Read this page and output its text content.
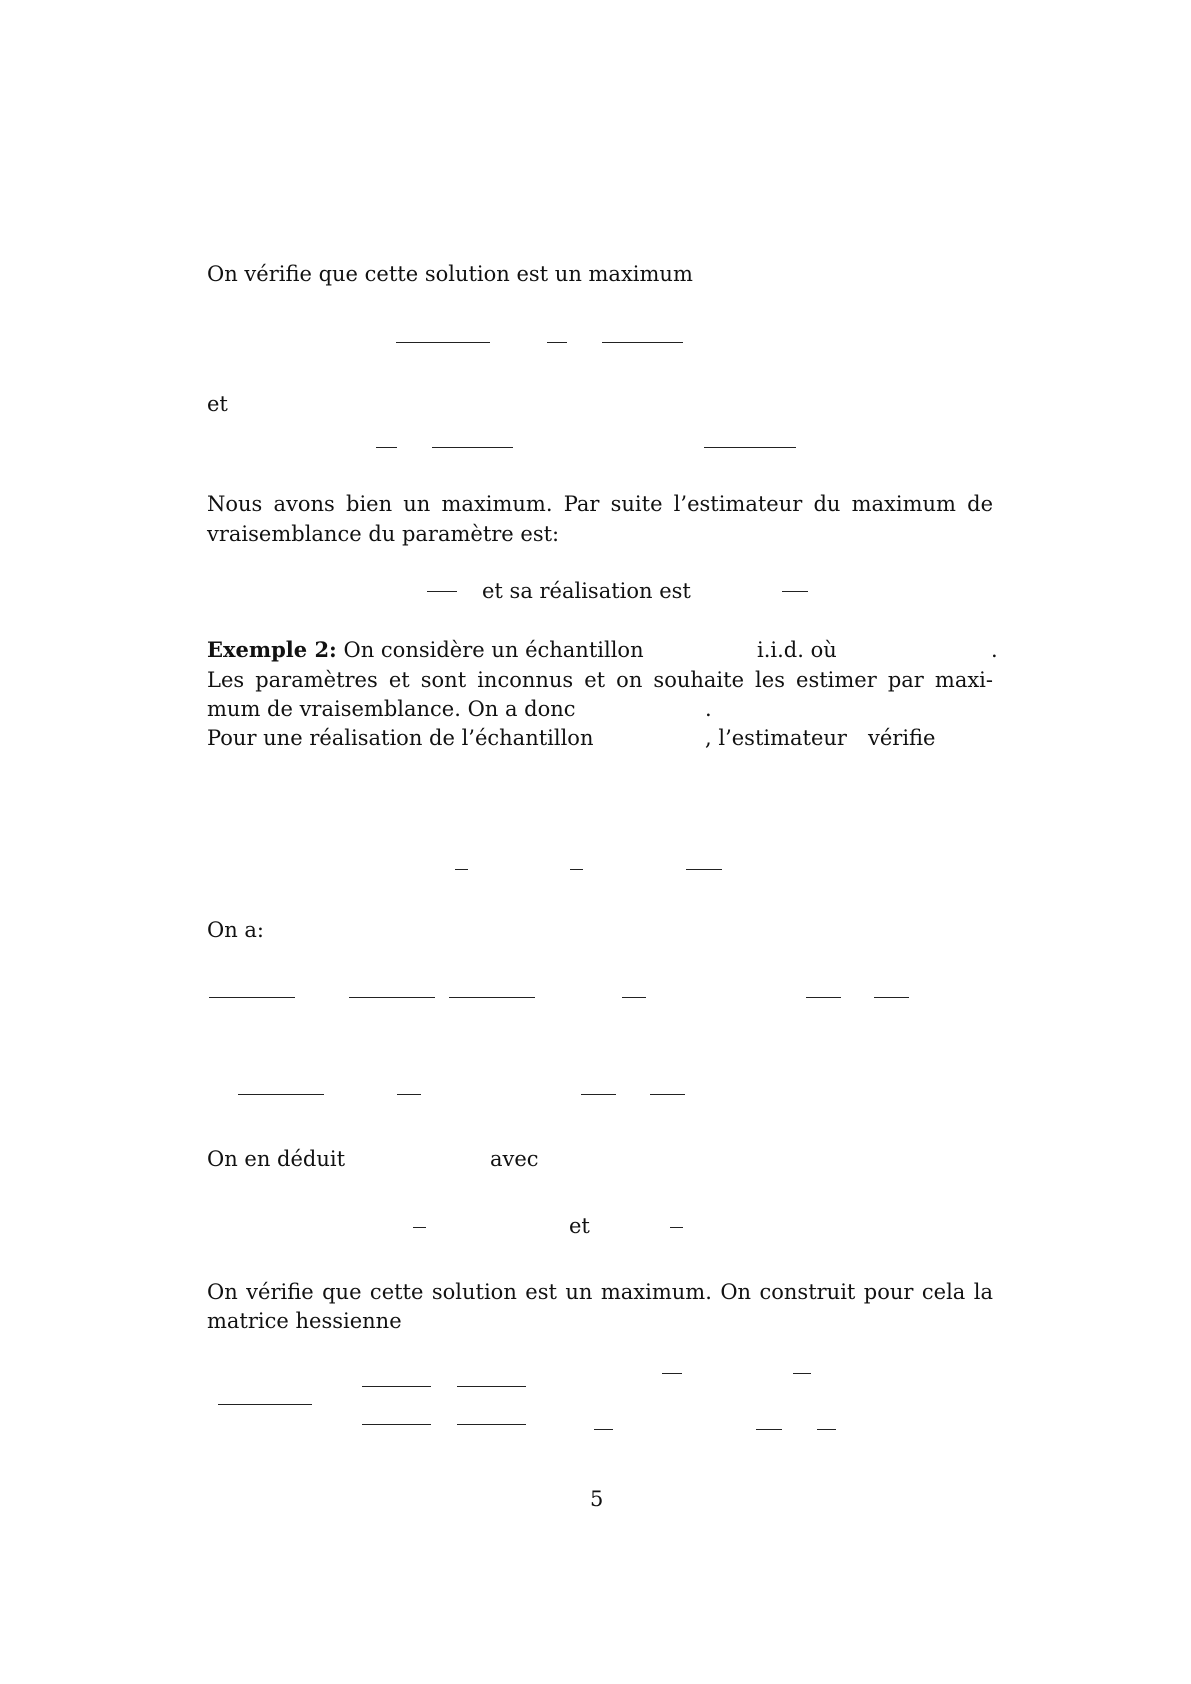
On vérifie que cette solution est un maximum
et
Nous avons bien un maximum. Par suite l’estimateur du maximum de
vraisemblance du paramètre est:
et sa réalisation est
Exemple 2: On considère un échantillon	i.i.d. où	.
Les paramètres et sont inconnus et on souhaite les estimer par maxi-
mum de vraisemblance. On a donc	.
Pour une réalisation de l’échantillon	, l’estimateur vérifie
On a:
On en déduit	avec
et
On vérifie que cette solution est un maximum. On construit pour cela la
matrice hessienne
5
